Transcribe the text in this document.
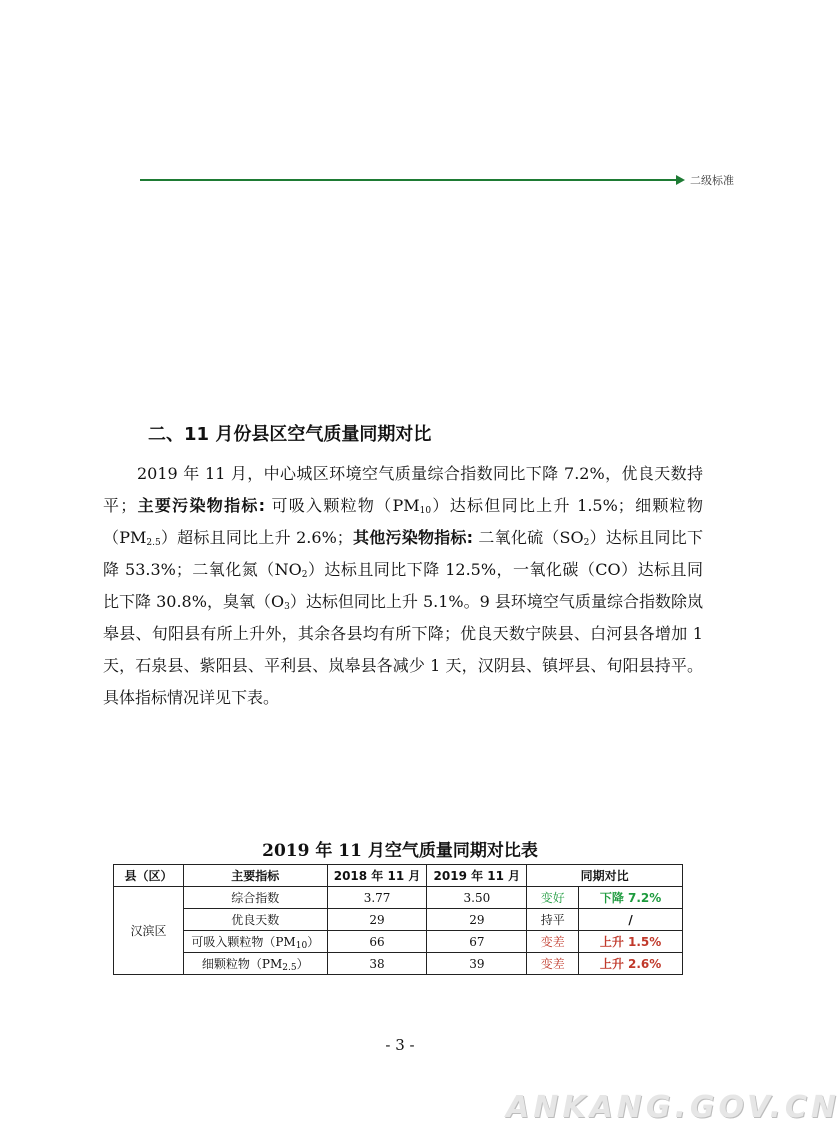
二级标准
二、11 月份县区空气质量同期对比
2019 年 11 月，中心城区环境空气质量综合指数同比下降 7.2%，优良天数持平；主要污染物指标: 可吸入颗粒物$(PM_{10})$达标但同比上升 1.5%；细颗粒物$(PM_{2.5})$超标且同比上升 2.6%；其他污染物指标: 二氧化硫$(SO_2)$达标且同比下降 53.3%；二氧化氮$(NO_2)$达标且同比下降 12.5%，一氧化碳（CO）达标且同比下降 30.8%，臭氧$(O_3)$达标但同比上升 5.1%。9 县环境空气质量综合指数除岚皋县、旬阳县有所上升外，其余各县均有所下降；优良天数宁陕县、白河县各增加 1 天，石泉县、紫阳县、平利县、岚皋县各减少 1 天，汉阴县、镇坪县、旬阳县持平。具体指标情况详见下表。
2019 年 11 月空气质量同期对比表
县（区）	主要指标	2018 年 11 月	2019 年 11 月	同期对比	
汉滨区	综合指数	3.77	3.50	变好	下降 7.2%
	优良天数	29	29	持平	/
	可吸入颗粒物$(PM_{10})$	66	67	变差	上升 1.5%
	细颗粒物$(PM_{2.5})$	38	39	变差	上升 2.6%
- 3 -
ANKANG.GOV.CN
